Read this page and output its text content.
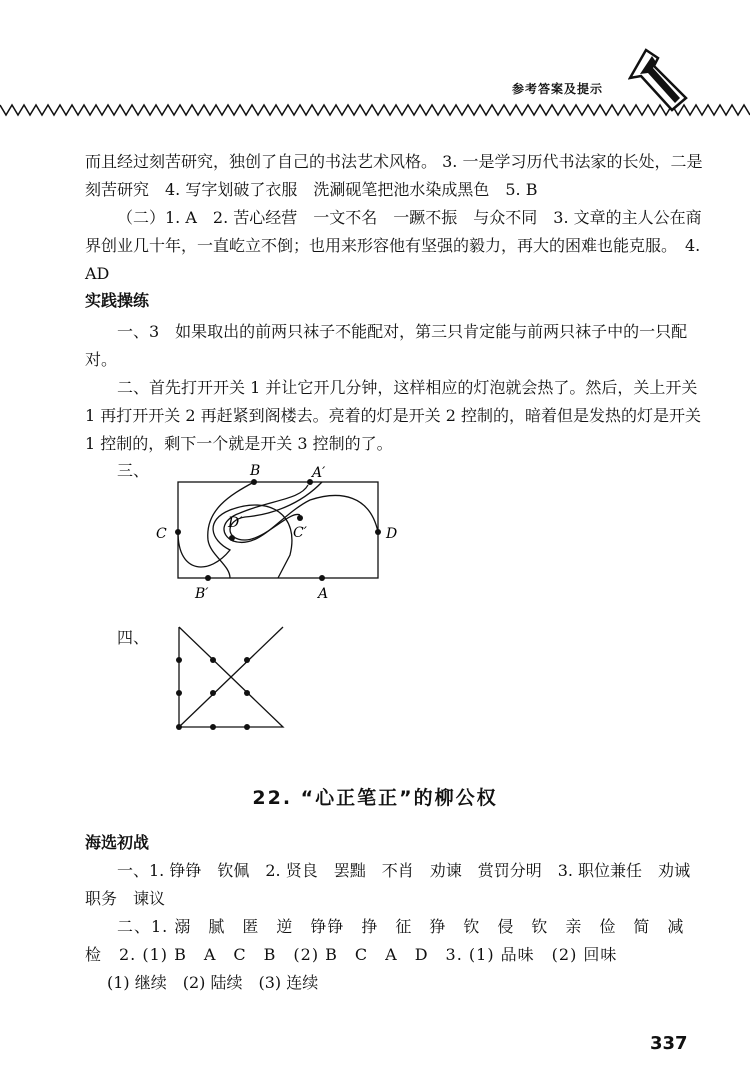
参考答案及提示
而且经过刻苦研究，独创了自己的书法艺术风格。 3. 一是学习历代书法家的长处，二是刻苦研究　4. 写字划破了衣服　洗涮砚笔把池水染成黑色　5. B
（二）1. A　2. 苦心经营　一文不名　一蹶不振　与众不同　3. 文章的主人公在商界创业几十年，一直屹立不倒；也用来形容他有坚强的毅力，再大的困难也能克服。　4. AD
实践操练
一、3　如果取出的前两只袜子不能配对，第三只肯定能与前两只袜子中的一只配对。
二、首先打开开关 1 并让它开几分钟，这样相应的灯泡就会热了。然后，关上开关 1 再打开开关 2 再赶紧到阁楼去。亮着的灯是开关 2 控制的，暗着但是发热的灯是开关 1 控制的，剩下一个就是开关 3 控制的了。
三、	B	A′
C	D
D′
C′
B′	A
四、
22. “心正笔正”的柳公权
海选初战
一、1. 铮铮　钦佩　2. 贤良　罢黜　不肖　劝谏　赏罚分明　3. 职位兼任　劝诫　职务　谏议
二、1. 溺　腻　匿　逆　铮铮　挣　征　狰　钦　侵　钦　亲　俭　简　减　检　2. (1) B　A　C　B　(2) B　C　A　D　3. (1) 品味　(2) 回味
(1) 继续　(2) 陆续　(3) 连续
337
